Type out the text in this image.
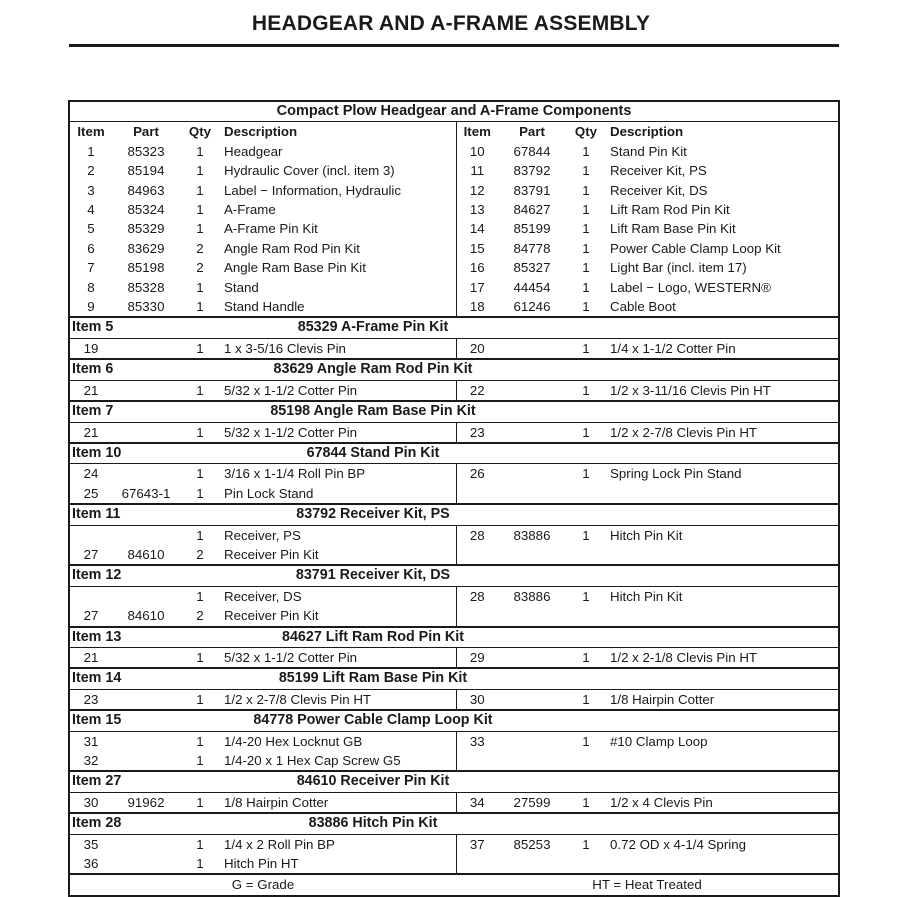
HEADGEAR AND A-FRAME ASSEMBLY
Compact Plow Headgear and A-Frame Components							
Item	Part	Qty	Description	Item	Part	Qty	Description
1	85323	1	Headgear	10	67844	1	Stand Pin Kit
2	85194	1	Hydraulic Cover (incl. item 3)	11	83792	1	Receiver Kit, PS
3	84963	1	Label − Information, Hydraulic	12	83791	1	Receiver Kit, DS
4	85324	1	A-Frame	13	84627	1	Lift Ram Rod Pin Kit
5	85329	1	A-Frame Pin Kit	14	85199	1	Lift Ram Base Pin Kit
6	83629	2	Angle Ram Rod Pin Kit	15	84778	1	Power Cable Clamp Loop Kit
7	85198	2	Angle Ram Base Pin Kit	16	85327	1	Light Bar (incl. item 17)
8	85328	1	Stand	17	44454	1	Label − Logo, WESTERN®
9	85330	1	Stand Handle	18	61246	1	Cable Boot
Item 5		85329 A-Frame Pin Kit					
19		1	1 x 3-5/16 Clevis Pin	20		1	1/4 x 1-1/2 Cotter Pin
Item 6		83629 Angle Ram Rod Pin Kit					
21		1	5/32 x 1-1/2 Cotter Pin	22		1	1/2 x 3-11/16 Clevis Pin HT
Item 7		85198 Angle Ram Base Pin Kit					
21		1	5/32 x 1-1/2 Cotter Pin	23		1	1/2 x 2-7/8 Clevis Pin HT
Item 10		67844 Stand Pin Kit					
24		1	3/16 x 1-1/4 Roll Pin BP	26		1	Spring Lock Pin Stand
25	67643-1	1	Pin Lock Stand				
Item 11		83792 Receiver Kit, PS					
		1	Receiver, PS	28	83886	1	Hitch Pin Kit
27	84610	2	Receiver Pin Kit				
Item 12		83791 Receiver Kit, DS					
		1	Receiver, DS	28	83886	1	Hitch Pin Kit
27	84610	2	Receiver Pin Kit				
Item 13		84627 Lift Ram Rod Pin Kit					
21		1	5/32 x 1-1/2 Cotter Pin	29		1	1/2 x 2-1/8 Clevis Pin HT
Item 14		85199 Lift Ram Base Pin Kit					
23		1	1/2 x 2-7/8 Clevis Pin HT	30		1	1/8 Hairpin Cotter
Item 15		84778 Power Cable Clamp Loop Kit					
31		1	1/4-20 Hex Locknut GB	33		1	#10 Clamp Loop
32		1	1/4-20 x 1 Hex Cap Screw G5				
Item 27		84610 Receiver Pin Kit					
30	91962	1	1/8 Hairpin Cotter	34	27599	1	1/2 x 4 Clevis Pin
Item 28		83886 Hitch Pin Kit					
35		1	1/4 x 2 Roll Pin BP	37	85253	1	0.72 OD x 4-1/4 Spring
36		1	Hitch Pin HT				
G = Grade				HT = Heat Treated			
